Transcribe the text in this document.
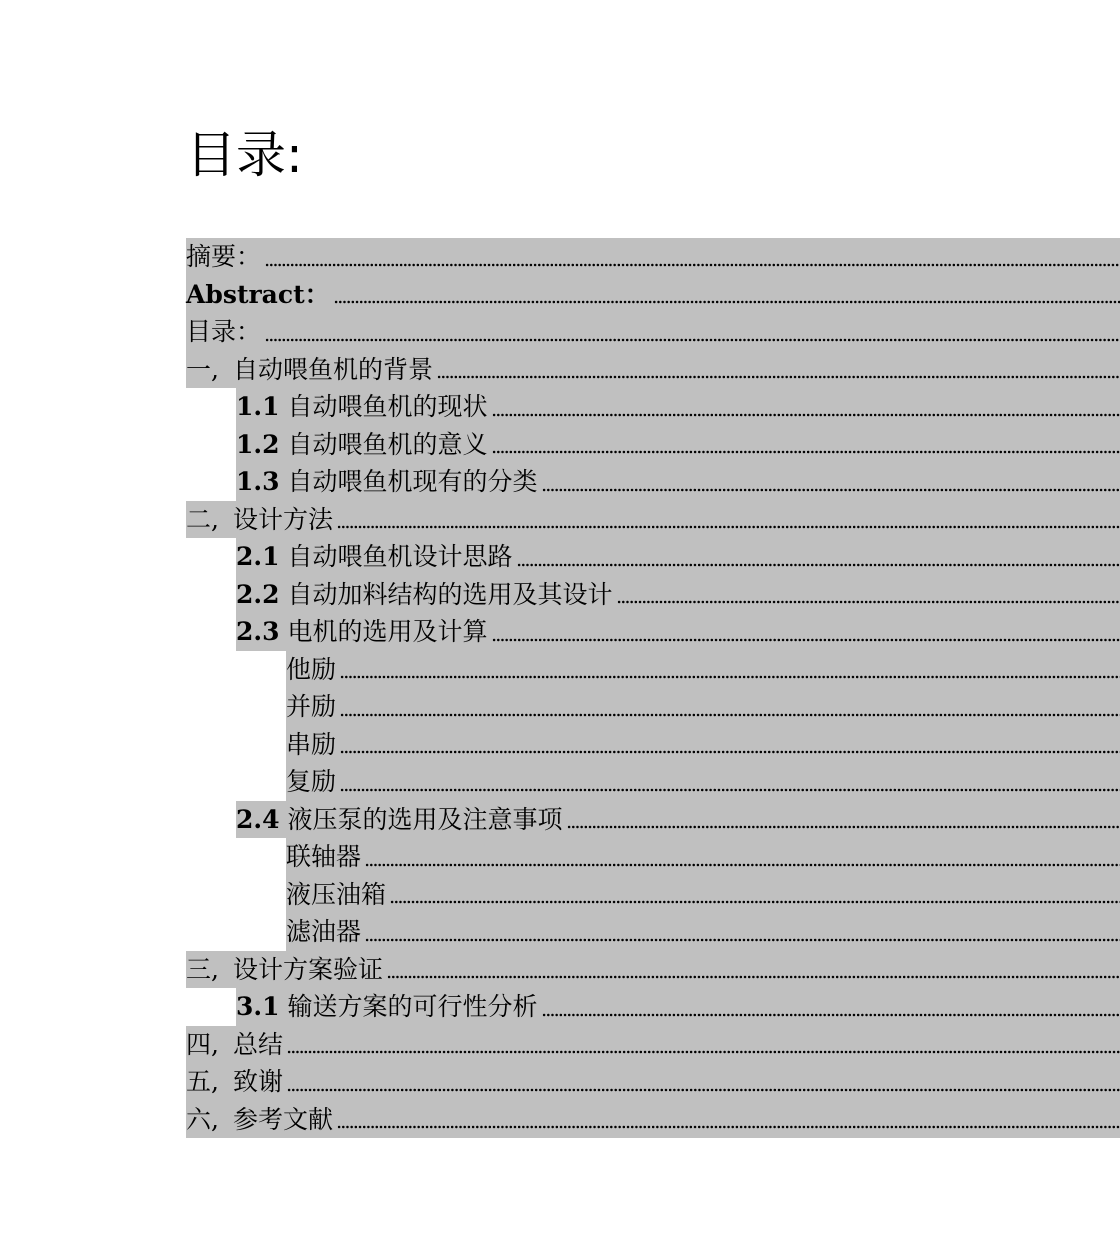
目录:
摘要：
Abstract：
目录：
一, 自动喂鱼机的背景
1.1 自动喂鱼机的现状
1.2 自动喂鱼机的意义
1.3 自动喂鱼机现有的分类
二, 设计方法
2.1 自动喂鱼机设计思路
2.2 自动加料结构的选用及其设计
2.3 电机的选用及计算
他励
并励
串励
复励
2.4 液压泵的选用及注意事项
联轴器
液压油箱
滤油器
三, 设计方案验证
3.1 输送方案的可行性分析
四, 总结
五, 致谢
六, 参考文献
